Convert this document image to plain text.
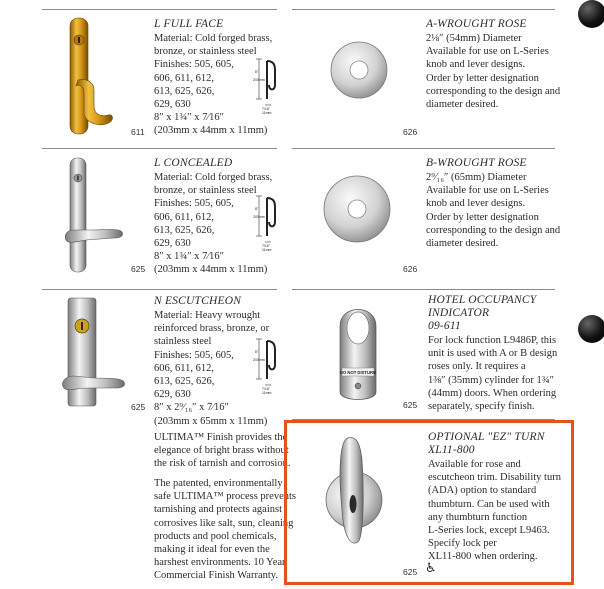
611
8"
203mm
7/16"
11mm
L FULL FACE
Material: Cold forged brass,
bronze, or stainless steel
Finishes: 505, 605,
606, 611, 612,
613, 625, 626,
629, 630
8″ x 1¾″ x 7⁄16″
(203mm x 44mm x 11mm)	626
A-WROUGHT ROSE
2⅛″ (54mm) Diameter
Available for use on L-Series
knob and lever designs.
Order by letter designation
corresponding to the design and
diameter desired.
625
8"
203mm
7/16"
11mm
L CONCEALED
Material: Cold forged brass,
bronze, or stainless steel
Finishes: 505, 605,
606, 611, 612,
613, 625, 626,
629, 630
8″ x 1¾″ x 7⁄16″
(203mm x 44mm x 11mm)	626
B-WROUGHT ROSE
2⁹⁄₁₆″ (65mm) Diameter
Available for use on L-Series
knob and lever designs.
Order by letter designation
corresponding to the design and
diameter desired.
625
8"
203mm
7/16"
11mm
N ESCUTCHEON
Material: Heavy wrought
reinforced brass, bronze, or
stainless steel
Finishes: 505, 605,
606, 611, 612,
613, 625, 626,
629, 630
8″ x 2⁹⁄₁₆″ x 7⁄16″
(203mm x 65mm x 11mm)
DO NOT DISTURB
625
HOTEL OCCUPANCY
INDICATOR
09-611
For lock function L9486P, this
unit is used with A or B design
roses only. It requires a
1⅜″ (35mm) cylinder for 1¾″
(44mm) doors. When ordering
separately, specify finish.
ULTIMA™ Finish provides the
elegance of bright brass without
the risk of tarnish and corrosion.
The patented, environmentally
safe ULTIMA™ process prevents
tarnishing and protects against
corrosives like salt, sun, cleaning
products and pool chemicals,
making it ideal for even the
harshest environments. 10 Year
Commercial Finish Warranty.	625 ♿
OPTIONAL "EZ" TURN
XL11-800
Available for rose and
escutcheon trim. Disability turn
(ADA) option to standard
thumbturn. Can be used with
any thumbturn function
L-Series lock, except L9463.
Specify lock per
XL11-800 when ordering.
